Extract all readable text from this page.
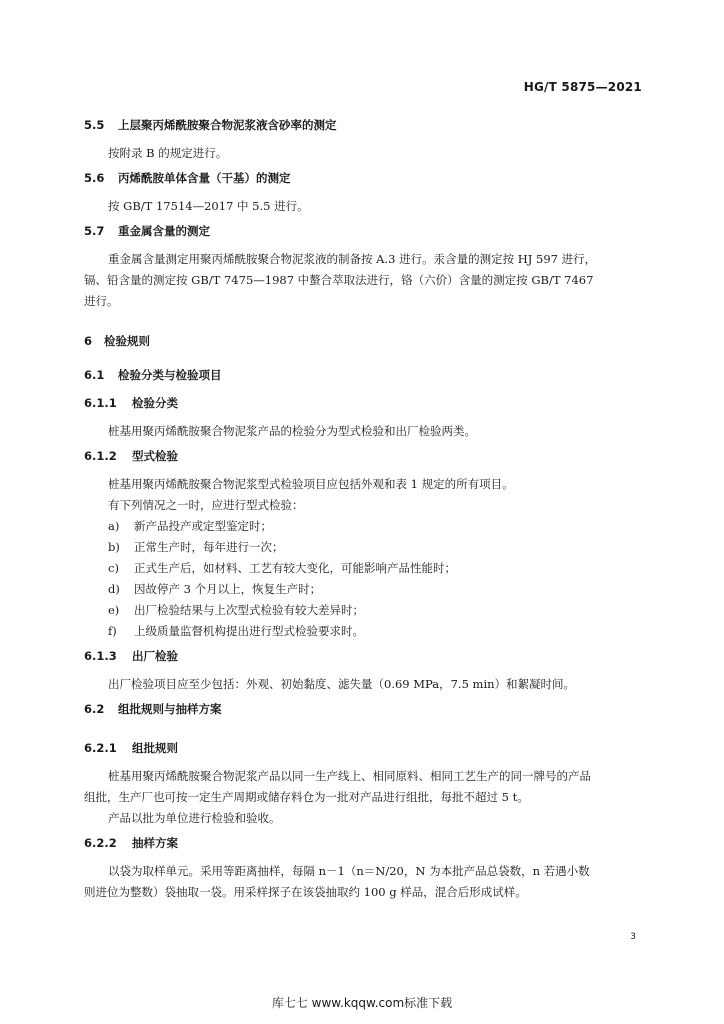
HG/T 5875—2021
5.5 上层聚丙烯酰胺聚合物泥浆液含砂率的测定
按附录 B 的规定进行。
5.6 丙烯酰胺单体含量（干基）的测定
按 GB/T 17514—2017 中 5.5 进行。
5.7 重金属含量的测定
重金属含量测定用聚丙烯酰胺聚合物泥浆液的制备按 A.3 进行。汞含量的测定按 HJ 597 进行，
镉、铅含量的测定按 GB/T 7475—1987 中螯合萃取法进行，铬（六价）含量的测定按 GB/T 7467
进行。
6 检验规则
6.1 检验分类与检验项目
6.1.1 检验分类
桩基用聚丙烯酰胺聚合物泥浆产品的检验分为型式检验和出厂检验两类。
6.1.2 型式检验
桩基用聚丙烯酰胺聚合物泥浆型式检验项目应包括外观和表 1 规定的所有项目。
有下列情况之一时，应进行型式检验：
a) 新产品投产或定型鉴定时；
b) 正常生产时，每年进行一次；
c) 正式生产后，如材料、工艺有较大变化，可能影响产品性能时；
d) 因故停产 3 个月以上，恢复生产时；
e) 出厂检验结果与上次型式检验有较大差异时；
f) 上级质量监督机构提出进行型式检验要求时。
6.1.3 出厂检验
出厂检验项目应至少包括：外观、初始黏度、滤失量（0.69 MPa，7.5 min）和絮凝时间。
6.2 组批规则与抽样方案
6.2.1 组批规则
桩基用聚丙烯酰胺聚合物泥浆产品以同一生产线上、相同原料、相同工艺生产的同一牌号的产品
组批，生产厂也可按一定生产周期或储存料仓为一批对产品进行组批，每批不超过 5 t。
产品以批为单位进行检验和验收。
6.2.2 抽样方案
以袋为取样单元。采用等距离抽样，每隔 n－1（n＝N/20，N 为本批产品总袋数，n 若遇小数
则进位为整数）袋抽取一袋。用采样探子在该袋抽取约 100 g 样品，混合后形成试样。
3
库七七 www.kqqw.com标准下载
